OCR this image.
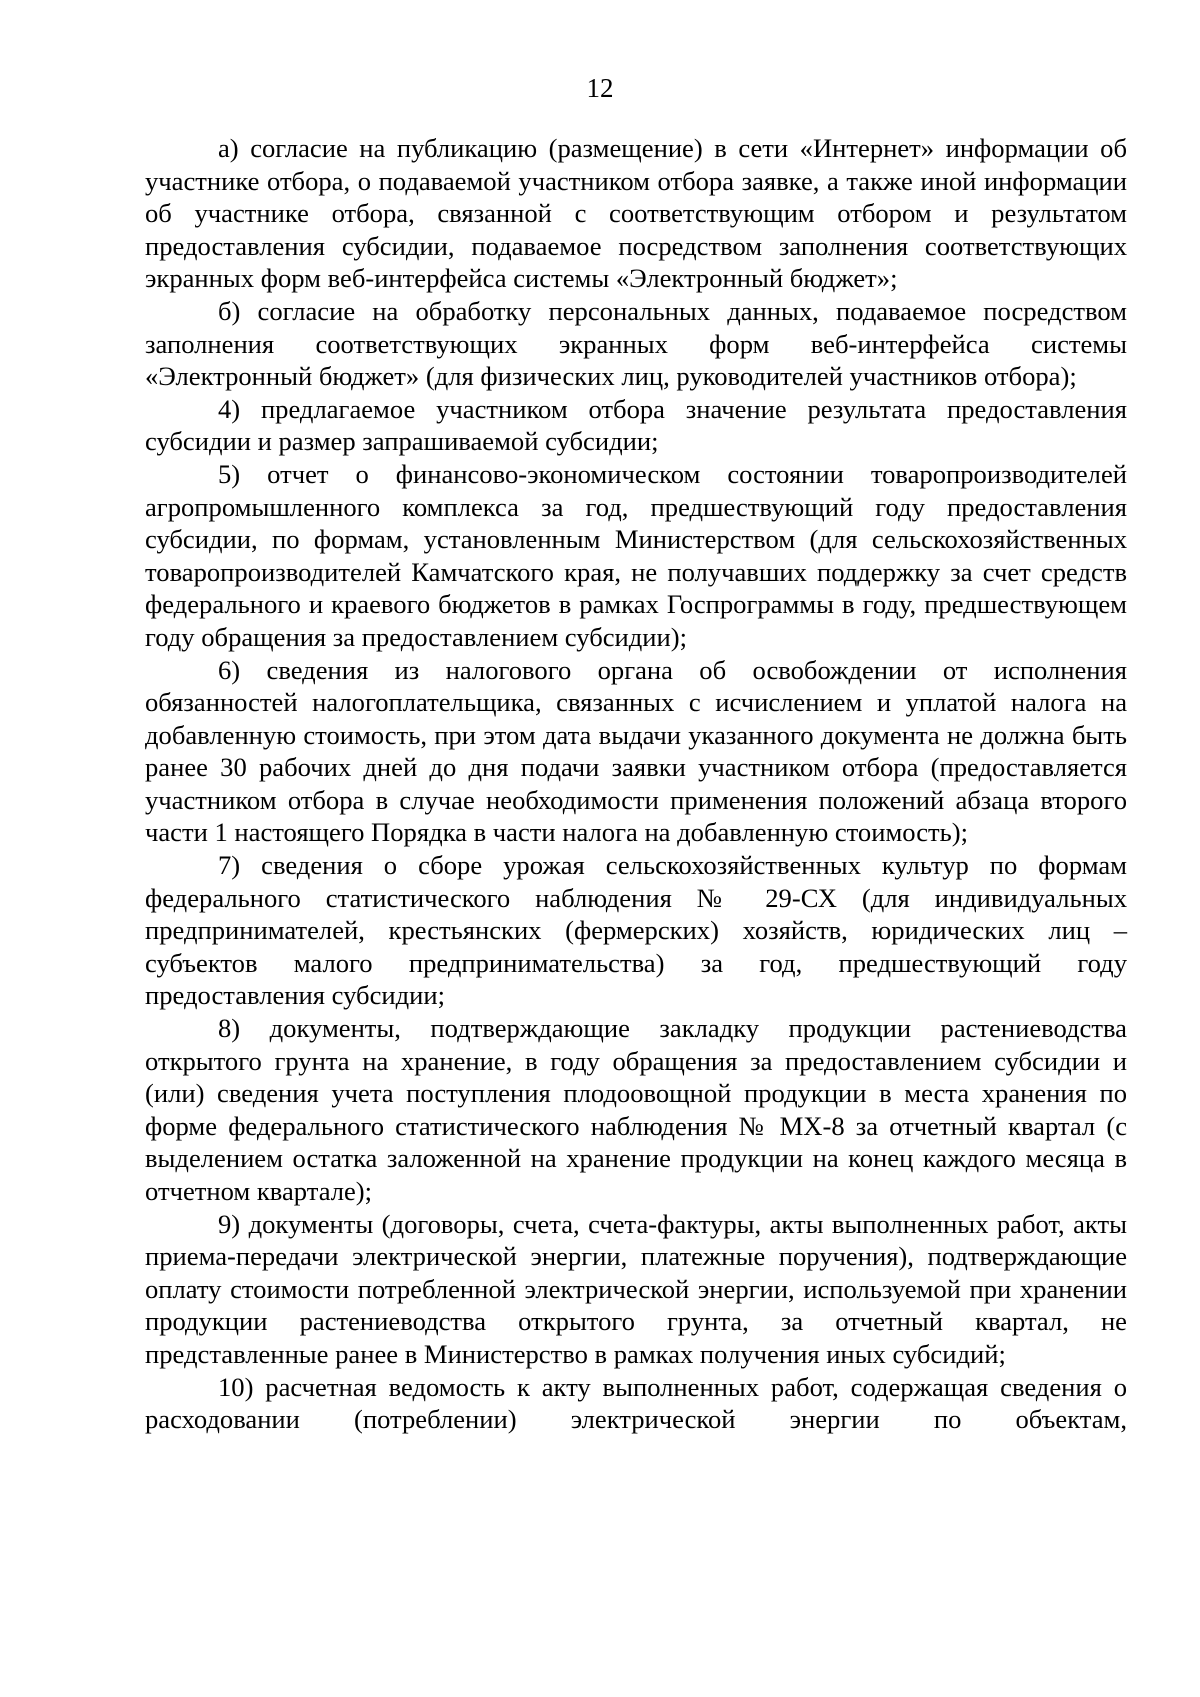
12

а) согласие на публикацию (размещение) в сети «Интернет» информации об участнике отбора, о подаваемой участником отбора заявке, а также иной информации об участнике отбора, связанной с соответствующим отбором и результатом предоставления субсидии, подаваемое посредством заполнения соответствующих экранных форм веб-интерфейса системы «Электронный бюджет»;

б) согласие на обработку персональных данных, подаваемое посредством заполнения соответствующих экранных форм веб-интерфейса системы «Электронный бюджет» (для физических лиц, руководителей участников отбора);

4) предлагаемое участником отбора значение результата предоставления субсидии и размер запрашиваемой субсидии;

5) отчет о финансово-экономическом состоянии товаропроизводителей агропромышленного комплекса за год, предшествующий году предоставления субсидии, по формам, установленным Министерством (для сельскохозяйственных товаропроизводителей Камчатского края, не получавших поддержку за счет средств федерального и краевого бюджетов в рамках Госпрограммы в году, предшествующем году обращения за предоставлением субсидии);

6) сведения из налогового органа об освобождении от исполнения обязанностей налогоплательщика, связанных с исчислением и уплатой налога на добавленную стоимость, при этом дата выдачи указанного документа не должна быть ранее 30 рабочих дней до дня подачи заявки участником отбора (предоставляется участником отбора в случае необходимости применения положений абзаца второго части 1 настоящего Порядка в части налога на добавленную стоимость);

7) сведения о сборе урожая сельскохозяйственных культур по формам федерального статистического наблюдения № 29-СХ (для индивидуальных предпринимателей, крестьянских (фермерских) хозяйств, юридических лиц – субъектов малого предпринимательства) за год, предшествующий году предоставления субсидии;

8) документы, подтверждающие закладку продукции растениеводства открытого грунта на хранение, в году обращения за предоставлением субсидии и (или) сведения учета поступления плодоовощной продукции в места хранения по форме федерального статистического наблюдения № МХ-8 за отчетный квартал (с выделением остатка заложенной на хранение продукции на конец каждого месяца в отчетном квартале);

9) документы (договоры, счета, счета-фактуры, акты выполненных работ, акты приема-передачи электрической энергии, платежные поручения), подтверждающие оплату стоимости потребленной электрической энергии, используемой при хранении продукции растениеводства открытого грунта, за отчетный квартал, не представленные ранее в Министерство в рамках получения иных субсидий;

10) расчетная ведомость к акту выполненных работ, содержащая сведения о расходовании (потреблении) электрической энергии по объектам,
